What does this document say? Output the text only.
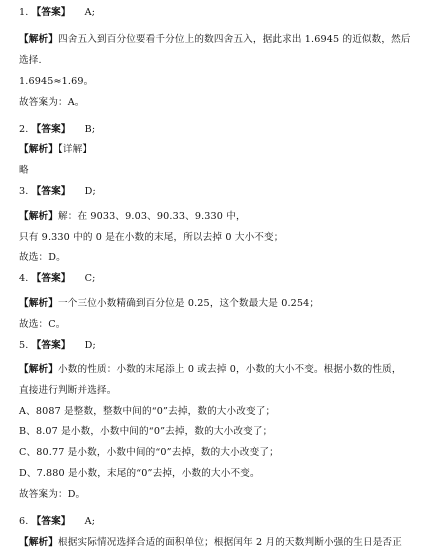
1. 【答案】 A;
【解析】四舍五入到百分位要看千分位上的数四舍五入，据此求出 1.6945 的近似数，然后
选择.
1.6945≈1.69。
故答案为：A。
2. 【答案】 B;
【解析】【详解】
略
3. 【答案】 D;
【解析】解：在 9033、9.03、90.33、9.330 中，
只有 9.330 中的 0 是在小数的末尾，所以去掉 0 大小不变；
故选：D。
4. 【答案】 C;
【解析】一个三位小数精确到百分位是 0.25，这个数最大是 0.254；
故选：C。
5. 【答案】 D;
【解析】小数的性质：小数的末尾添上 0 或去掉 0，小数的大小不变。根据小数的性质，
直接进行判断并选择。
A、8087 是整数，整数中间的“0”去掉，数的大小改变了；
B、8.07 是小数，小数中间的“0”去掉，数的大小改变了；
C、80.77 是小数，小数中间的“0”去掉，数的大小改变了；
D、7.880 是小数，末尾的“0”去掉，小数的大小不变。
故答案为：D。
6. 【答案】 A;
【解析】根据实际情况选择合适的面积单位；根据闰年 2 月的天数判断小强的生日是否正
